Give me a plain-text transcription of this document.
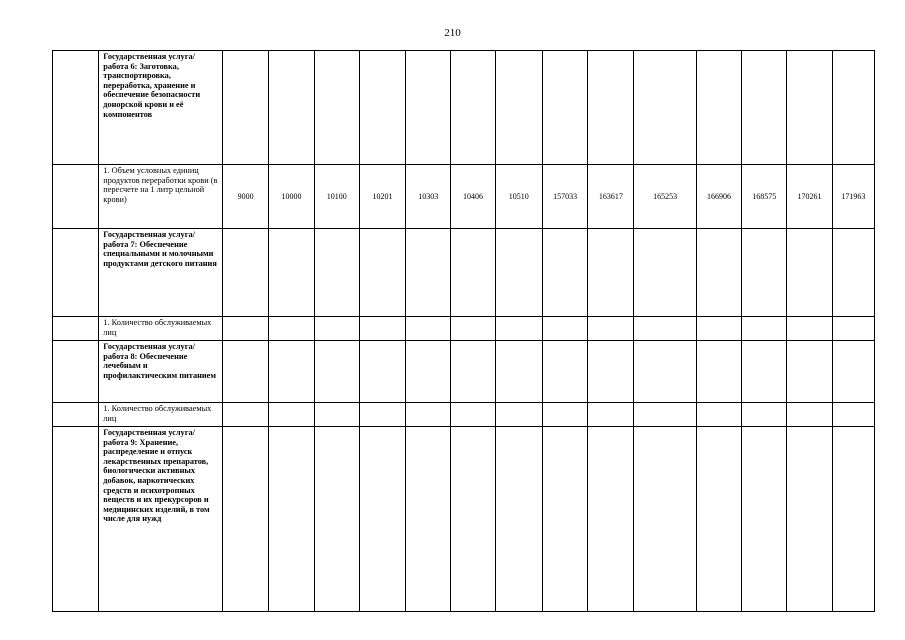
210
	Государственная услуга/работа 6: Заготовка, транспортировка, переработка, хранение и обеспечение безопасности донорской крови и её компонентов														
	1. Объем условных единиц продуктов переработки крови (в пересчете на 1 литр цельной крови)	9000	10000	10100	10201	10303	10406	10510	157033	163617	165253	166906	168575	170261	171963
	Государственная услуга/работа 7: Обеспечение специальными и молочными продуктами детского питания														
	1. Количество обслуживаемых лиц														
	Государственная услуга/работа 8: Обеспечение лечебным и профилактическим питанием														
	1. Количество обслуживаемых лиц														
	Государственная услуга/работа 9: Хранение, распределение и отпуск лекарственных препаратов, биологически активных добавок, наркотических средств и психотропных веществ и их прекурсоров и медицинских изделий, в том числе для нужд														
